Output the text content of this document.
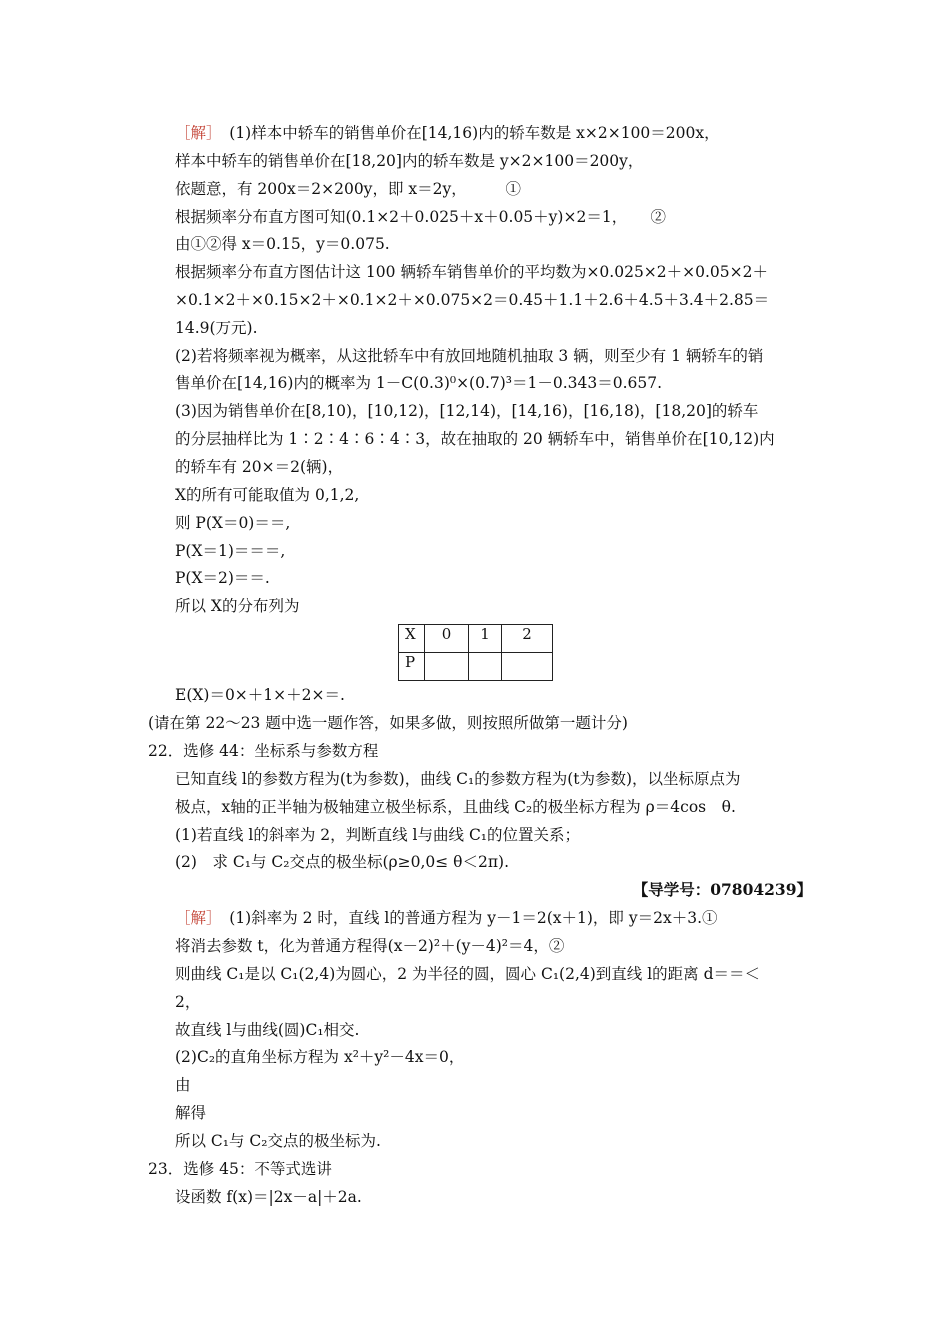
［解］　(1)样本中轿车的销售单价在[14,16)内的轿车数是 x×2×100＝200x，
样本中轿车的销售单价在[18,20]内的轿车数是 y×2×100＝200y，
依题意，有 200x＝2×200y，即 x＝2y，　　　①
根据频率分布直方图可知(0.1×2＋0.025＋x＋0.05＋y)×2＝1，　　②
由①②得 x＝0.15，y＝0.075.
根据频率分布直方图估计这 100 辆轿车销售单价的平均数为×0.025×2＋×0.05×2＋
×0.1×2＋×0.15×2＋×0.1×2＋×0.075×2＝0.45＋1.1＋2.6＋4.5＋3.4＋2.85＝
14.9(万元).
(2)若将频率视为概率，从这批轿车中有放回地随机抽取 3 辆，则至少有 1 辆轿车的销
售单价在[14,16)内的概率为 1－C(0.3)⁰×(0.7)³＝1－0.343＝0.657.
(3)因为销售单价在[8,10)，[10,12)，[12,14)，[14,16)，[16,18)，[18,20]的轿车
的分层抽样比为 1∶2∶4∶6∶4∶3，故在抽取的 20 辆轿车中，销售单价在[10,12)内
的轿车有 20×＝2(辆)，
X的所有可能取值为 0,1,2,
则 P(X＝0)＝＝,
P(X＝1)＝＝＝,
P(X＝2)＝＝.
所以 X的分布列为
X	0	1	2
P			
E(X)＝0×＋1×＋2×＝.
(请在第 22～23 题中选一题作答，如果多做，则按照所做第一题计分)
22．选修 44：坐标系与参数方程
已知直线 l的参数方程为(t为参数)，曲线 C₁的参数方程为(t为参数)，以坐标原点为
极点，x轴的正半轴为极轴建立极坐标系，且曲线 C₂的极坐标方程为 ρ＝4cos　θ.
(1)若直线 l的斜率为 2，判断直线 l与曲线 C₁的位置关系；
(2)　求 C₁与 C₂交点的极坐标(ρ≥0,0≤ θ＜2π).
【导学号：07804239】
［解］　(1)斜率为 2 时，直线 l的普通方程为 y－1＝2(x＋1)，即 y＝2x＋3.①
将消去参数 t，化为普通方程得(x－2)²＋(y－4)²＝4，②
则曲线 C₁是以 C₁(2,4)为圆心，2 为半径的圆，圆心 C₁(2,4)到直线 l的距离 d＝＝＜
2，
故直线 l与曲线(圆)C₁相交.
(2)C₂的直角坐标方程为 x²＋y²－4x＝0，
由
解得
所以 C₁与 C₂交点的极坐标为.
23．选修 45：不等式选讲
设函数 f(x)＝|2x－a|＋2a.
